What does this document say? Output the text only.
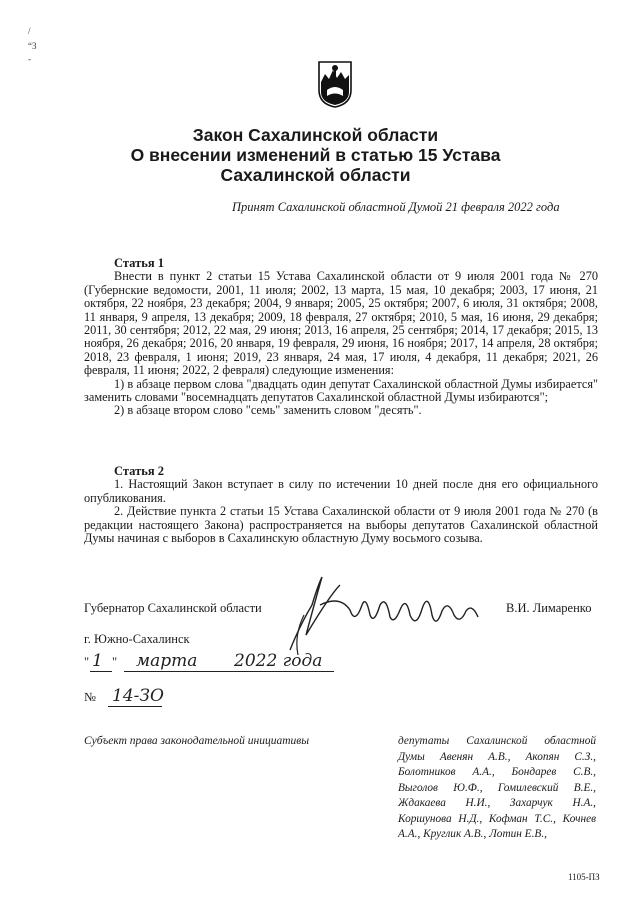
/
“3
-
Закон Сахалинской области
О внесении изменений в статью 15 Устава
Сахалинской области
Принят Сахалинской областной Думой 21 февраля 2022 года

Статья 1

Внести в пункт 2 статьи 15 Устава Сахалинской области от 9 июля 2001 года № 270 (Губернские ведомости, 2001, 11 июля; 2002, 13 марта, 15 мая, 10 декабря; 2003, 17 июня, 21 октября, 22 ноября, 23 декабря; 2004, 9 января; 2005, 25 октября; 2007, 6 июля, 31 октября; 2008, 11 января, 9 апреля, 13 декабря; 2009, 18 февраля, 27 октября; 2010, 5 мая, 16 июня, 29 декабря; 2011, 30 сентября; 2012, 22 мая, 29 июня; 2013, 16 апреля, 25 сентября; 2014, 17 декабря; 2015, 13 ноября, 26 декабря; 2016, 20 января, 19 февраля, 29 июня, 16 ноября; 2017, 14 апреля, 28 октября; 2018, 23 февраля, 1 июня; 2019, 23 января, 24 мая, 17 июля, 4 декабря, 11 декабря; 2021, 26 февраля, 11 июня; 2022, 2 февраля) следующие изменения:

1) в абзаце первом слова "двадцать один депутат Сахалинской областной Думы избирается" заменить словами "восемнадцать депутатов Сахалинской областной Думы избираются";

2) в абзаце втором слово "семь" заменить словом "десять".

Статья 2

1. Настоящий Закон вступает в силу по истечении 10 дней после дня его официального опубликования.

2. Действие пункта 2 статьи 15 Устава Сахалинской области от 9 июля 2001 года № 270 (в редакции настоящего Закона) распространяется на выборы депутатов Сахалинской областной Думы начиная с выборов в Сахалинскую областную Думу восьмого созыва.

Губернатор Сахалинской области	В.И. Лимаренко
г. Южно-Сахалинск
" 1 " марта 2022 года
№ 14-ЗО
Субъект права законодательной инициативы	депутаты Сахалинской областной Думы Авенян А.В., Акопян С.З., Болотников А.А., Бондарев С.В., Выголов Ю.Ф., Гомилевский В.Е., Ждакаева Н.И., Захарчук Н.А., Коршунова Н.Д., Кофман Т.С., Кочнев А.А., Круглик А.В., Лотин Е.В.,
1105-ПЗ
